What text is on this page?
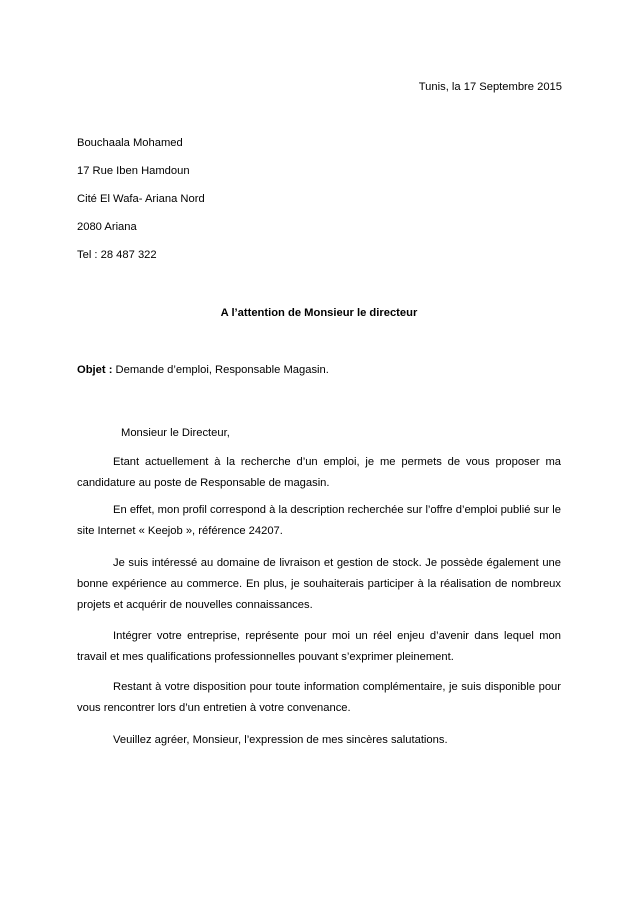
Tunis, la 17 Septembre 2015
Bouchaala Mohamed
17 Rue Iben Hamdoun
Cité El Wafa- Ariana Nord
2080 Ariana
Tel : 28 487 322
A l’attention de Monsieur le directeur
Objet : Demande d’emploi, Responsable Magasin.
Monsieur le Directeur,
Etant actuellement à la recherche d’un emploi, je me permets de vous proposer ma candidature au poste de Responsable de magasin.
En effet, mon profil correspond à la description recherchée sur l’offre d’emploi publié sur le site Internet « Keejob », référence 24207.
Je suis intéressé au domaine de livraison et gestion de stock. Je possède également une bonne expérience au commerce. En plus, je souhaiterais participer à la réalisation de nombreux projets et acquérir de nouvelles connaissances.
Intégrer votre entreprise, représente pour moi un réel enjeu d’avenir dans lequel mon travail et mes qualifications professionnelles pouvant s’exprimer pleinement.
Restant à votre disposition pour toute information complémentaire, je suis disponible pour vous rencontrer lors d’un entretien à votre convenance.
Veuillez agréer, Monsieur, l’expression de mes sincères salutations.
